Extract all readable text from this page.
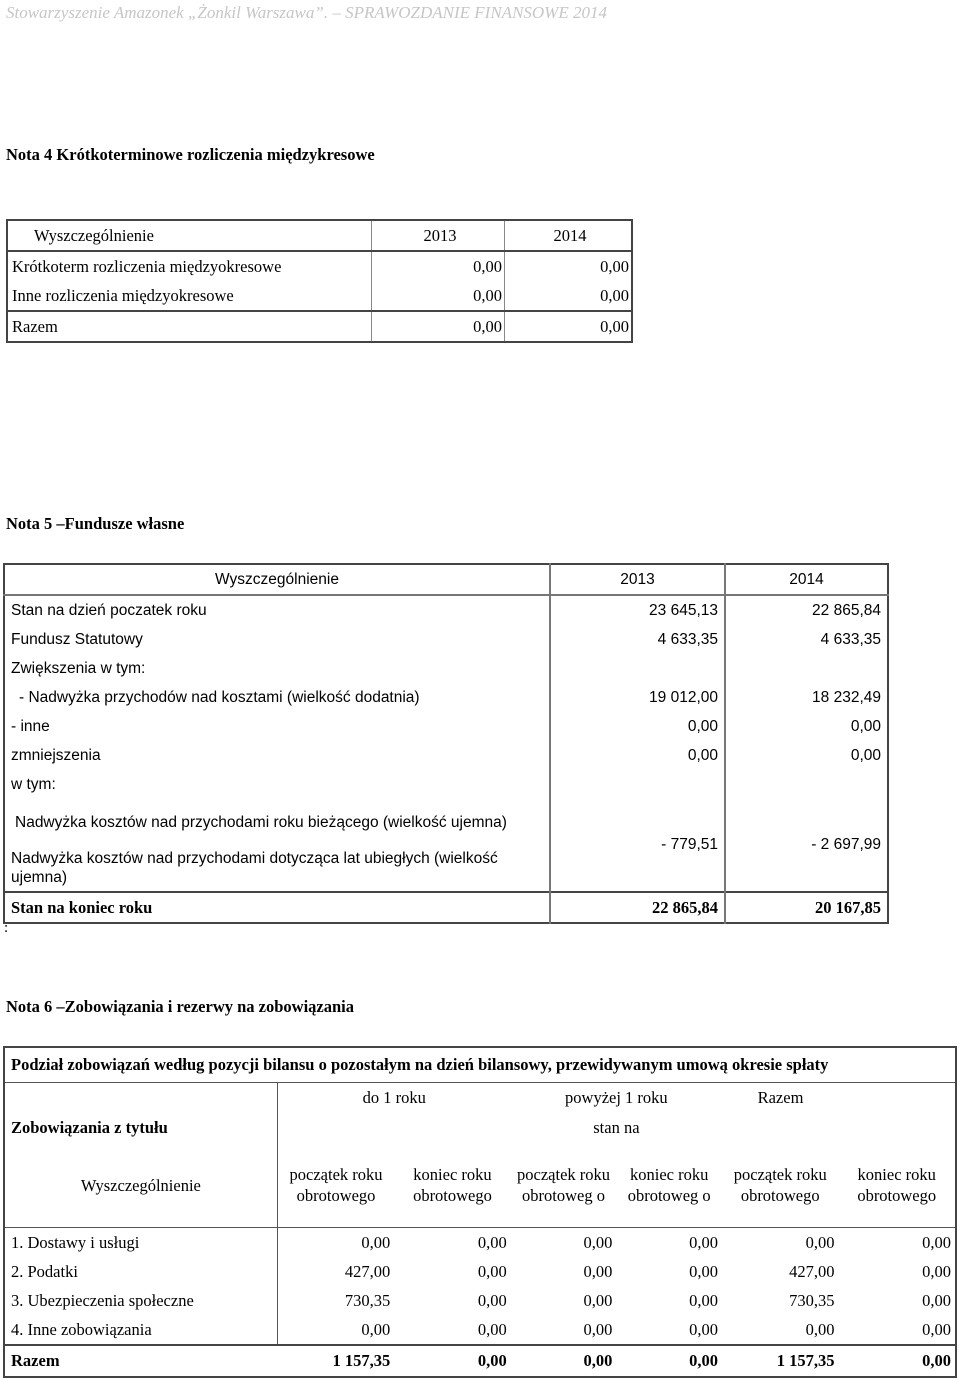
Stowarzyszenie Amazonek „Żonkil Warszawa”. – SPRAWOZDANIE FINANSOWE 2014
Nota 4 Krótkoterminowe rozliczenia międzykresowe
Wyszczególnienie	2013	2014
Krótkoterm rozliczenia międzyokresowe	0,00	0,00
Inne rozliczenia międzyokresowe	0,00	0,00
Razem	0,00	0,00
Nota 5 –Fundusze własne
Wyszczególnienie	2013	2014
Stan na dzień poczatek roku	23 645,13	22 865,84
Fundusz Statutowy	4 633,35	4 633,35
Zwiększenia w tym:		
- Nadwyżka przychodów nad kosztami (wielkość dodatnia)	19 012,00	18 232,49
- inne	0,00	0,00
zmniejszenia	0,00	0,00
w tym:		
Nadwyżka kosztów nad przychodami roku bieżącego (wielkość ujemna)	- 779,51	- 2 697,99
Nadwyżka kosztów nad przychodami dotycząca lat ubiegłych (wielkość ujemna)		
Stan na koniec roku	22 865,84	20 167,85
:
Nota 6 –Zobowiązania i rezerwy na zobowiązania
Podział zobowiązań według pozycji bilansu o pozostałym na dzień bilansowy, przewidywanym umową okresie spłaty						
	do 1 roku		powyżej 1 roku		Razem	
Zobowiązania z tytułu	stan na					
Wyszczególnienie	początek roku obrotowego	koniec roku obrotowego	początek roku obrotoweg o	koniec roku obrotoweg o	początek roku obrotowego	koniec roku obrotowego
1. Dostawy i usługi	0,00	0,00	0,00	0,00	0,00	0,00
2. Podatki	427,00	0,00	0,00	0,00	427,00	0,00
3. Ubezpieczenia społeczne	730,35	0,00	0,00	0,00	730,35	0,00
4. Inne zobowiązania	0,00	0,00	0,00	0,00	0,00	0,00
Razem	1 157,35	0,00	0,00	0,00	1 157,35	0,00
